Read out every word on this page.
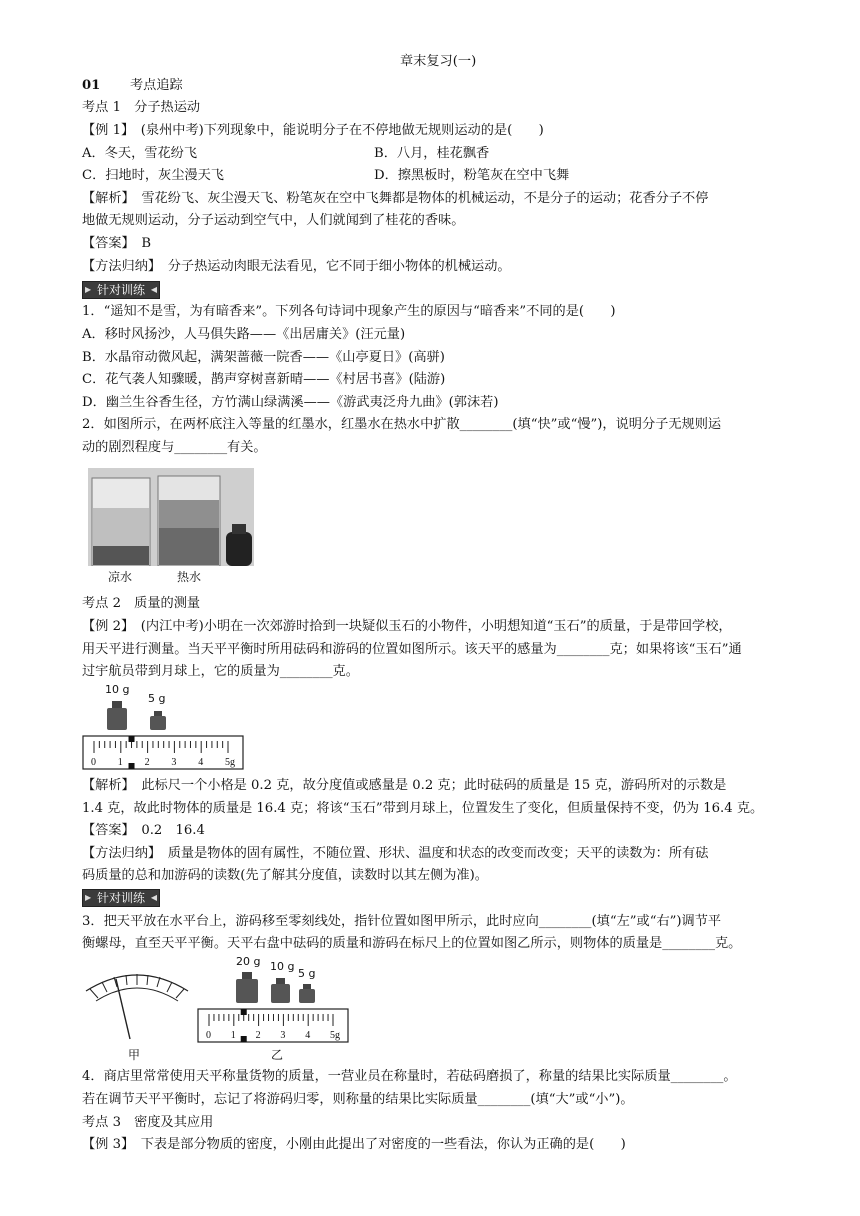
章末复习(一)
01 考点追踪
考点 1　分子热运动
【例 1】　(泉州中考)下列现象中，能说明分子在不停地做无规则运动的是(　　)
A．冬天，雪花纷飞	B．八月，桂花飘香
C．扫地时，灰尘漫天飞	D．擦黑板时，粉笔灰在空中飞舞
【解析】　雪花纷飞、灰尘漫天飞、粉笔灰在空中飞舞都是物体的机械运动，不是分子的运动；花香分子不停
地做无规则运动，分子运动到空气中，人们就闻到了桂花的香味。
【答案】　B
【方法归纳】　分子热运动肉眼无法看见，它不同于细小物体的机械运动。
▶ 针对训练 ◀
1．“遥知不是雪，为有暗香来”。下列各句诗词中现象产生的原因与“暗香来”不同的是(　　)
A．移时风扬沙，人马俱失路——《出居庸关》(汪元量)
B．水晶帘动微风起，满架蔷薇一院香——《山亭夏日》(高骈)
C．花气袭人知骤暖，鹊声穿树喜新晴——《村居书喜》(陆游)
D．幽兰生谷香生径，方竹满山绿满溪——《游武夷泛舟九曲》(郭沫若)
2．如图所示，在两杯底注入等量的红墨水，红墨水在热水中扩散________(填“快”或“慢”)，说明分子无规则运
动的剧烈程度与________有关。
凉水	热水
考点 2　质量的测量
【例 2】　(内江中考)小明在一次郊游时拾到一块疑似玉石的小物件，小明想知道“玉石”的质量，于是带回学校，
用天平进行测量。当天平平衡时所用砝码和游码的位置如图所示。该天平的感量为________克；如果将该“玉石”通
过宇航员带到月球上，它的质量为________克。
10 g
5 g
0 1 2 3 4 5g
【解析】　此标尺一个小格是 0.2 克，故分度值或感量是 0.2 克；此时砝码的质量是 15 克，游码所对的示数是
1.4 克，故此时物体的质量是 16.4 克；将该“玉石”带到月球上，位置发生了变化，但质量保持不变，仍为 16.4 克。
【答案】　0.2　16.4
【方法归纳】　质量是物体的固有属性，不随位置、形状、温度和状态的改变而改变；天平的读数为：所有砝
码质量的总和加游码的读数(先了解其分度值，读数时以其左侧为准)。
▶ 针对训练 ◀
3．把天平放在水平台上，游码移至零刻线处，指针位置如图甲所示，此时应向________(填“左”或“右”)调节平
衡螺母，直至天平平衡。天平右盘中砝码的质量和游码在标尺上的位置如图乙所示，则物体的质量是________克。
甲
20 g 10 g
5 g
0 1 2 3 4 5g
乙
4．商店里常常使用天平称量货物的质量，一营业员在称量时，若砝码磨损了，称量的结果比实际质量________。
若在调节天平平衡时，忘记了将游码归零，则称量的结果比实际质量________(填“大”或“小”)。
考点 3　密度及其应用
【例 3】　下表是部分物质的密度，小刚由此提出了对密度的一些看法，你认为正确的是(　　)
